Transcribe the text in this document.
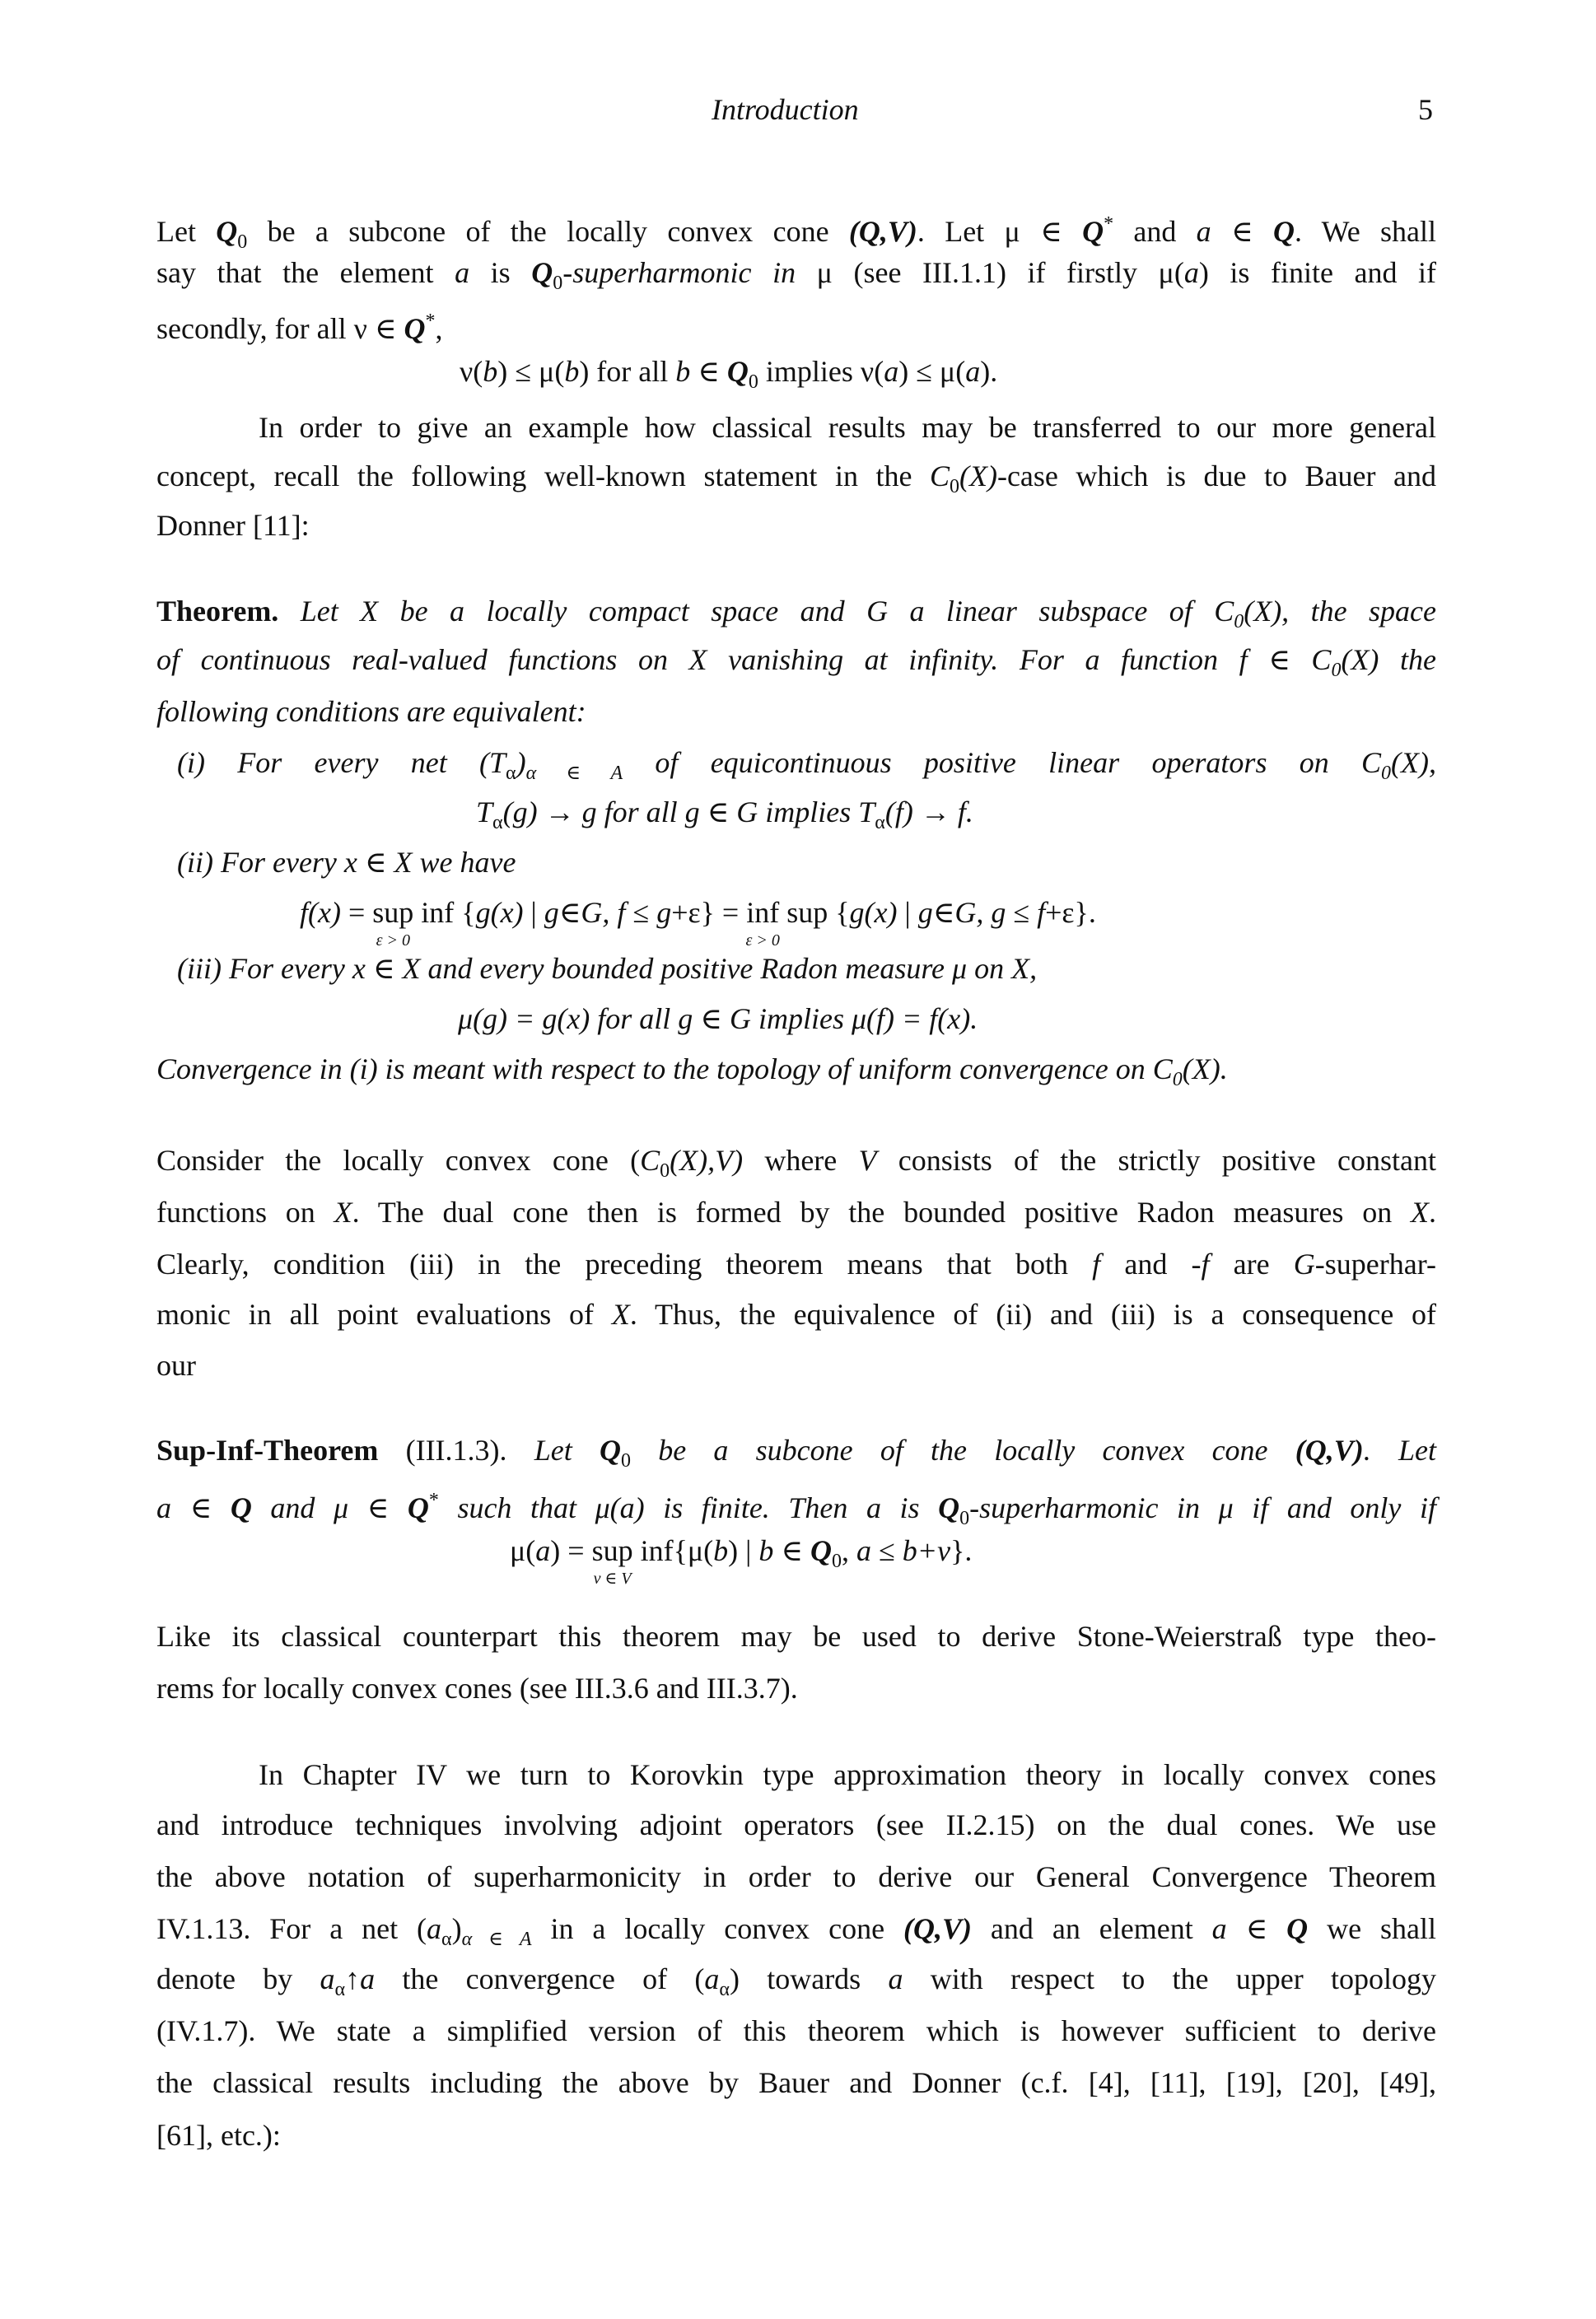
Introduction	5
Let $Q_0$ be a subcone of the locally convex cone (Q,V). Let μ ∈ Q* and a ∈ Q. We shall
say that the element a is $Q_0$-superharmonic in μ (see III.1.1) if firstly μ(a) is finite and if
secondly, for all ν ∈ Q*,
ν(b) ≤ μ(b) for all b ∈ $Q_0$ implies ν(a) ≤ μ(a).
In order to give an example how classical results may be transferred to our more general
concept, recall the following well-known statement in the $C_0(X)$-case which is due to Bauer and
Donner [11]:
Theorem. Let X be a locally compact space and G a linear subspace of $C_0(X)$, the space
of continuous real-valued functions on X vanishing at infinity. For a function f ∈ $C_0(X)$ the
following conditions are equivalent:
(i) For every net $(T_\alpha)_{\alpha \in A}$ of equicontinuous positive linear operators on $C_0(X)$,
$T_\alpha(g) \to g$ for all g ∈ G implies $T_\alpha(f) \to f$.
(ii) For every x ∈ X we have
f(x) = sup
ε > 0
inf {g(x) | g∈G, f ≤ g+ε} = inf
ε > 0
sup {g(x) | g∈G, g ≤ f+ε}.
(iii) For every x ∈ X and every bounded positive Radon measure μ on X,
μ(g) = g(x) for all g ∈ G implies μ(f) = f(x).
Convergence in (i) is meant with respect to the topology of uniform convergence on $C_0(X)$.
Consider the locally convex cone $(C_0(X),V)$ where V consists of the strictly positive constant
functions on X. The dual cone then is formed by the bounded positive Radon measures on X.
Clearly, condition (iii) in the preceding theorem means that both f and -f are G-superhar-
monic in all point evaluations of X. Thus, the equivalence of (ii) and (iii) is a consequence of
our
Sup-Inf-Theorem (III.1.3). Let $Q_0$ be a subcone of the locally convex cone (Q,V). Let
a ∈ Q and μ ∈ Q* such that μ(a) is finite. Then a is $Q_0$-superharmonic in μ if and only if
μ(a) = sup
v ∈ V
inf{μ(b) | b ∈ $Q_0$, a ≤ b+v}.
Like its classical counterpart this theorem may be used to derive Stone-Weierstraß type theo-
rems for locally convex cones (see III.3.6 and III.3.7).
In Chapter IV we turn to Korovkin type approximation theory in locally convex cones
and introduce techniques involving adjoint operators (see II.2.15) on the dual cones. We use
the above notation of superharmonicity in order to derive our General Convergence Theorem
IV.1.13. For a net $(a_\alpha)_{\alpha \in A}$ in a locally convex cone (Q,V) and an element a ∈ Q we shall
denote by $a_\alpha↑a$ the convergence of $(a_\alpha)$ towards a with respect to the upper topology
(IV.1.7). We state a simplified version of this theorem which is however sufficient to derive
the classical results including the above by Bauer and Donner (c.f. [4], [11], [19], [20], [49],
[61], etc.):
